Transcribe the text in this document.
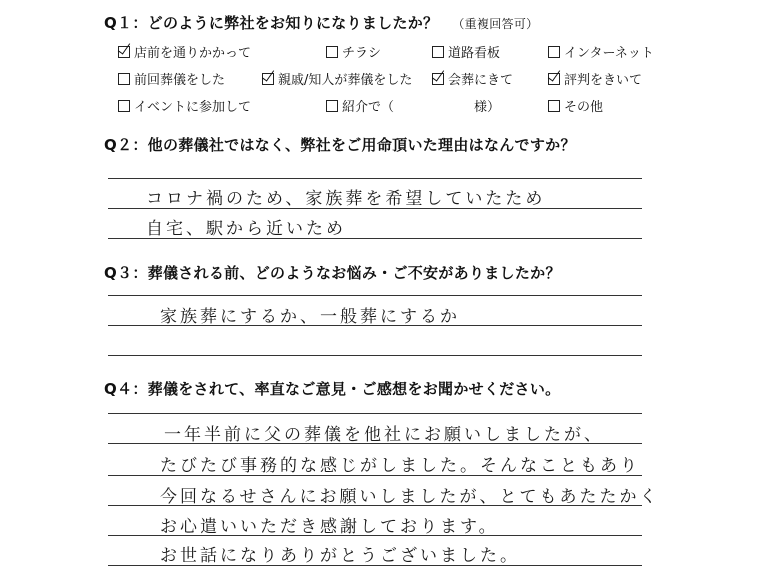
Q１：どのように弊社をお知りになりましたか？ （重複回答可）
店前を通りかかって	チラシ	道路看板	インターネット
前回葬儀をした	親戚/知人が葬儀をした	会葬にきて	評判をきいて
イベントに参加して	紹介で（	様）	その他
Q２：他の葬儀社ではなく、弊社をご用命頂いた理由はなんですか？
コロナ禍のため、家族葬を希望していたため
自宅、駅から近いため
Q３：葬儀される前、どのようなお悩み・ご不安がありましたか？
家族葬にするか、一般葬にするか
Q４：葬儀をされて、率直なご意見・ご感想をお聞かせください。
一年半前に父の葬儀を他社にお願いしましたが、
たびたび事務的な感じがしました。そんなこともあり
今回なるせさんにお願いしましたが、とてもあたたかく
お心遣いいただき感謝しております。
お世話になりありがとうございました。
